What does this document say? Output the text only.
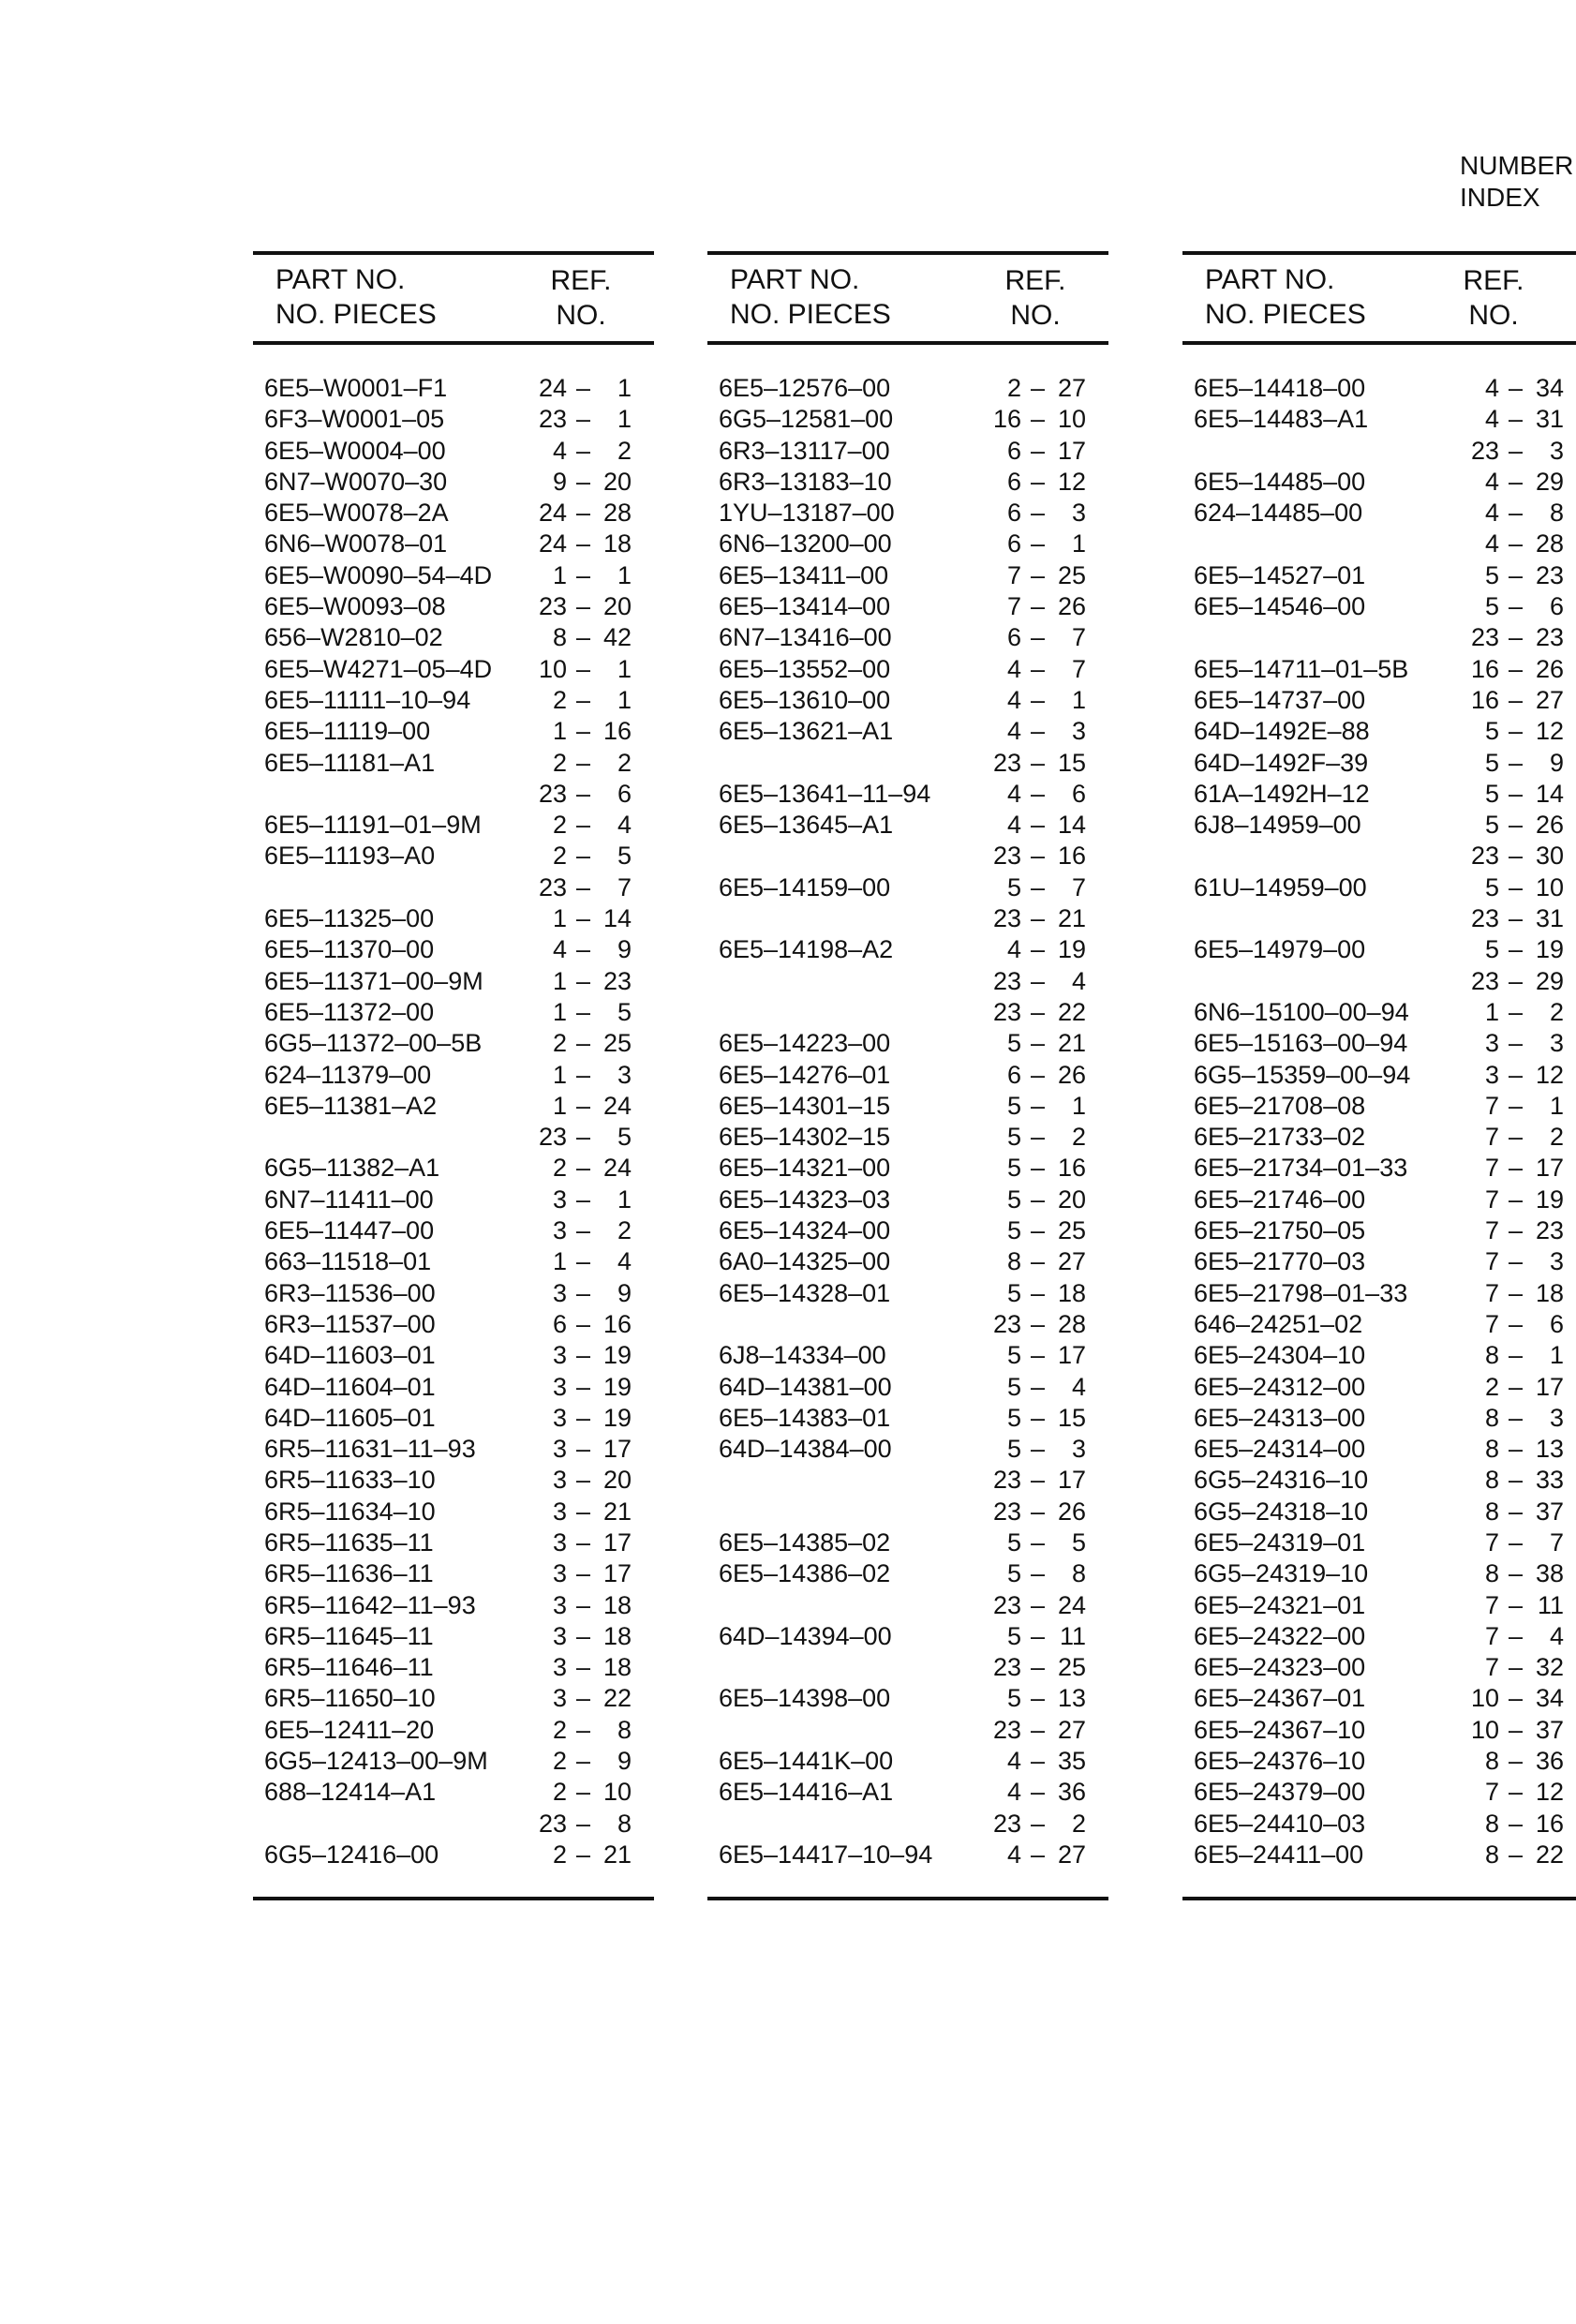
NUMBER
INDEX
PART NO.
NO. PIECES
REF.
NO.
6E5–W0001–F1	24 –	1
6F3–W0001–05	23 –	1
6E5–W0004–00	4 –	2
6N7–W0070–30	9 – 20
6E5–W0078–2A	24 – 28
6N6–W0078–01	24 – 18
6E5–W0090–54–4D	1 –	1
6E5–W0093–08	23 – 20
656–W2810–02	8 – 42
6E5–W4271–05–4D	10 –	1
6E5–11111–10–94	2 –	1
6E5–11119–00	1 – 16
6E5–11181–A1	2 –	2
23 –	6
6E5–11191–01–9M	2 –	4
6E5–11193–A0	2 –	5
23 –	7
6E5–11325–00	1 – 14
6E5–11370–00	4 –	9
6E5–11371–00–9M	1 – 23
6E5–11372–00	1 –	5
6G5–11372–00–5B	2 – 25
624–11379–00	1 –	3
6E5–11381–A2	1 – 24
23 –	5
6G5–11382–A1	2 – 24
6N7–11411–00	3 –	1
6E5–11447–00	3 –	2
663–11518–01	1 –	4
6R3–11536–00	3 –	9
6R3–11537–00	6 – 16
64D–11603–01	3 – 19
64D–11604–01	3 – 19
64D–11605–01	3 – 19
6R5–11631–11–93	3 – 17
6R5–11633–10	3 – 20
6R5–11634–10	3 – 21
6R5–11635–11	3 – 17
6R5–11636–11	3 – 17
6R5–11642–11–93	3 – 18
6R5–11645–11	3 – 18
6R5–11646–11	3 – 18
6R5–11650–10	3 – 22
6E5–12411–20	2 –	8
6G5–12413–00–9M	2 –	9
688–12414–A1	2 – 10
23 –	8
6G5–12416–00	2 – 21
PART NO.
NO. PIECES
REF.
NO.
6E5–12576–00	2 – 27
6G5–12581–00	16 – 10
6R3–13117–00	6 – 17
6R3–13183–10	6 – 12
1YU–13187–00	6 –	3
6N6–13200–00	6 –	1
6E5–13411–00	7 – 25
6E5–13414–00	7 – 26
6N7–13416–00	6 –	7
6E5–13552–00	4 –	7
6E5–13610–00	4 –	1
6E5–13621–A1	4 –	3
23 – 15
6E5–13641–11–94	4 –	6
6E5–13645–A1	4 – 14
23 – 16
6E5–14159–00	5 –	7
23 – 21
6E5–14198–A2	4 – 19
23 –	4
23 – 22
6E5–14223–00	5 – 21
6E5–14276–01	6 – 26
6E5–14301–15	5 –	1
6E5–14302–15	5 –	2
6E5–14321–00	5 – 16
6E5–14323–03	5 – 20
6E5–14324–00	5 – 25
6A0–14325–00	8 – 27
6E5–14328–01	5 – 18
23 – 28
6J8–14334–00	5 – 17
64D–14381–00	5 –	4
6E5–14383–01	5 – 15
64D–14384–00	5 –	3
23 – 17
23 – 26
6E5–14385–02	5 –	5
6E5–14386–02	5 –	8
23 – 24
64D–14394–00	5 – 11
23 – 25
6E5–14398–00	5 – 13
23 – 27
6E5–1441K–00	4 – 35
6E5–14416–A1	4 – 36
23 –	2
6E5–14417–10–94	4 – 27
PART NO.
NO. PIECES
REF.
NO.
6E5–14418–00	4 – 34
6E5–14483–A1	4 – 31
23 –	3
6E5–14485–00	4 – 29
624–14485–00	4 –	8
4 – 28
6E5–14527–01	5 – 23
6E5–14546–00	5 –	6
23 – 23
6E5–14711–01–5B	16 – 26
6E5–14737–00	16 – 27
64D–1492E–88	5 – 12
64D–1492F–39	5 –	9
61A–1492H–12	5 – 14
6J8–14959–00	5 – 26
23 – 30
61U–14959–00	5 – 10
23 – 31
6E5–14979–00	5 – 19
23 – 29
6N6–15100–00–94	1 –	2
6E5–15163–00–94	3 –	3
6G5–15359–00–94	3 – 12
6E5–21708–08	7 –	1
6E5–21733–02	7 –	2
6E5–21734–01–33	7 – 17
6E5–21746–00	7 – 19
6E5–21750–05	7 – 23
6E5–21770–03	7 –	3
6E5–21798–01–33	7 – 18
646–24251–02	7 –	6
6E5–24304–10	8 –	1
6E5–24312–00	2 – 17
6E5–24313–00	8 –	3
6E5–24314–00	8 – 13
6G5–24316–10	8 – 33
6G5–24318–10	8 – 37
6E5–24319–01	7 –	7
6G5–24319–10	8 – 38
6E5–24321–01	7 – 11
6E5–24322–00	7 –	4
6E5–24323–00	7 – 32
6E5–24367–01	10 – 34
6E5–24367–10	10 – 37
6E5–24376–10	8 – 36
6E5–24379–00	7 – 12
6E5–24410–03	8 – 16
6E5–24411–00	8 – 22
